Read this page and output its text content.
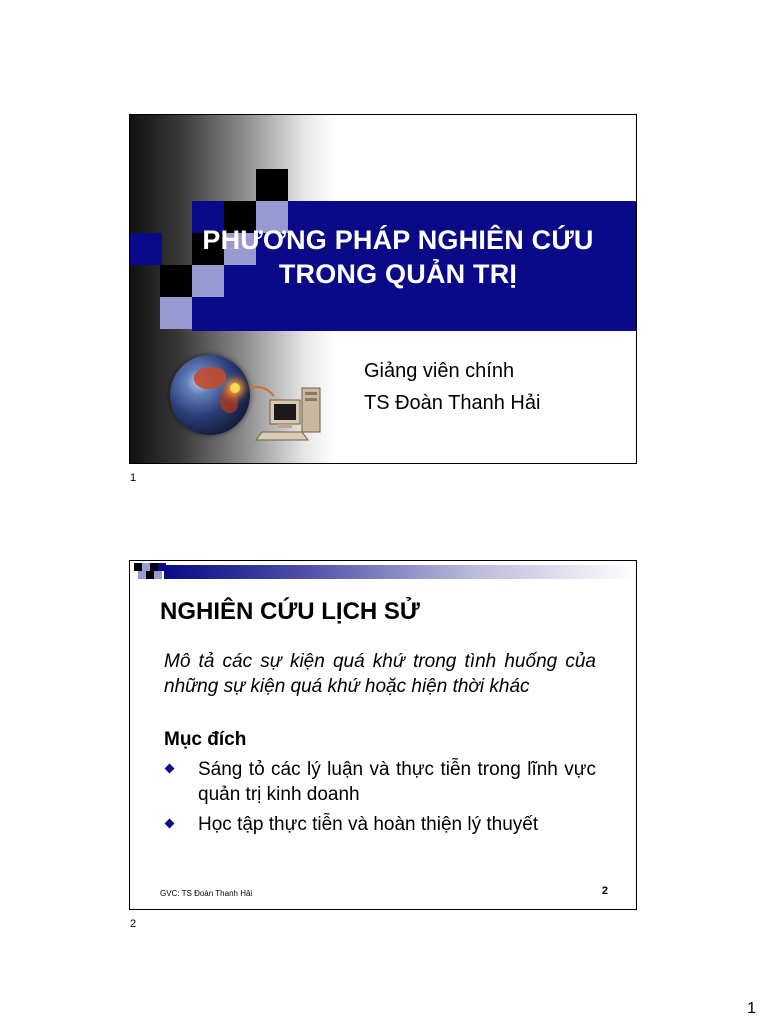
PHƯƠNG PHÁP NGHIÊN CỨU
TRONG QUẢN TRỊ
Giảng viên chính
TS Đoàn Thanh Hải
1
NGHIÊN CỨU LỊCH SỬ
Mô tả các sự kiện quá khứ trong tình huống của những sự kiện quá khứ hoặc hiện thời khác
Mục đích
Sáng tỏ các lý luận và thực tiễn trong lĩnh vực quản trị kinh doanh
Học tập thực tiễn và hoàn thiện lý thuyết
GVC: TS Đoàn Thanh Hải	2
2
1
